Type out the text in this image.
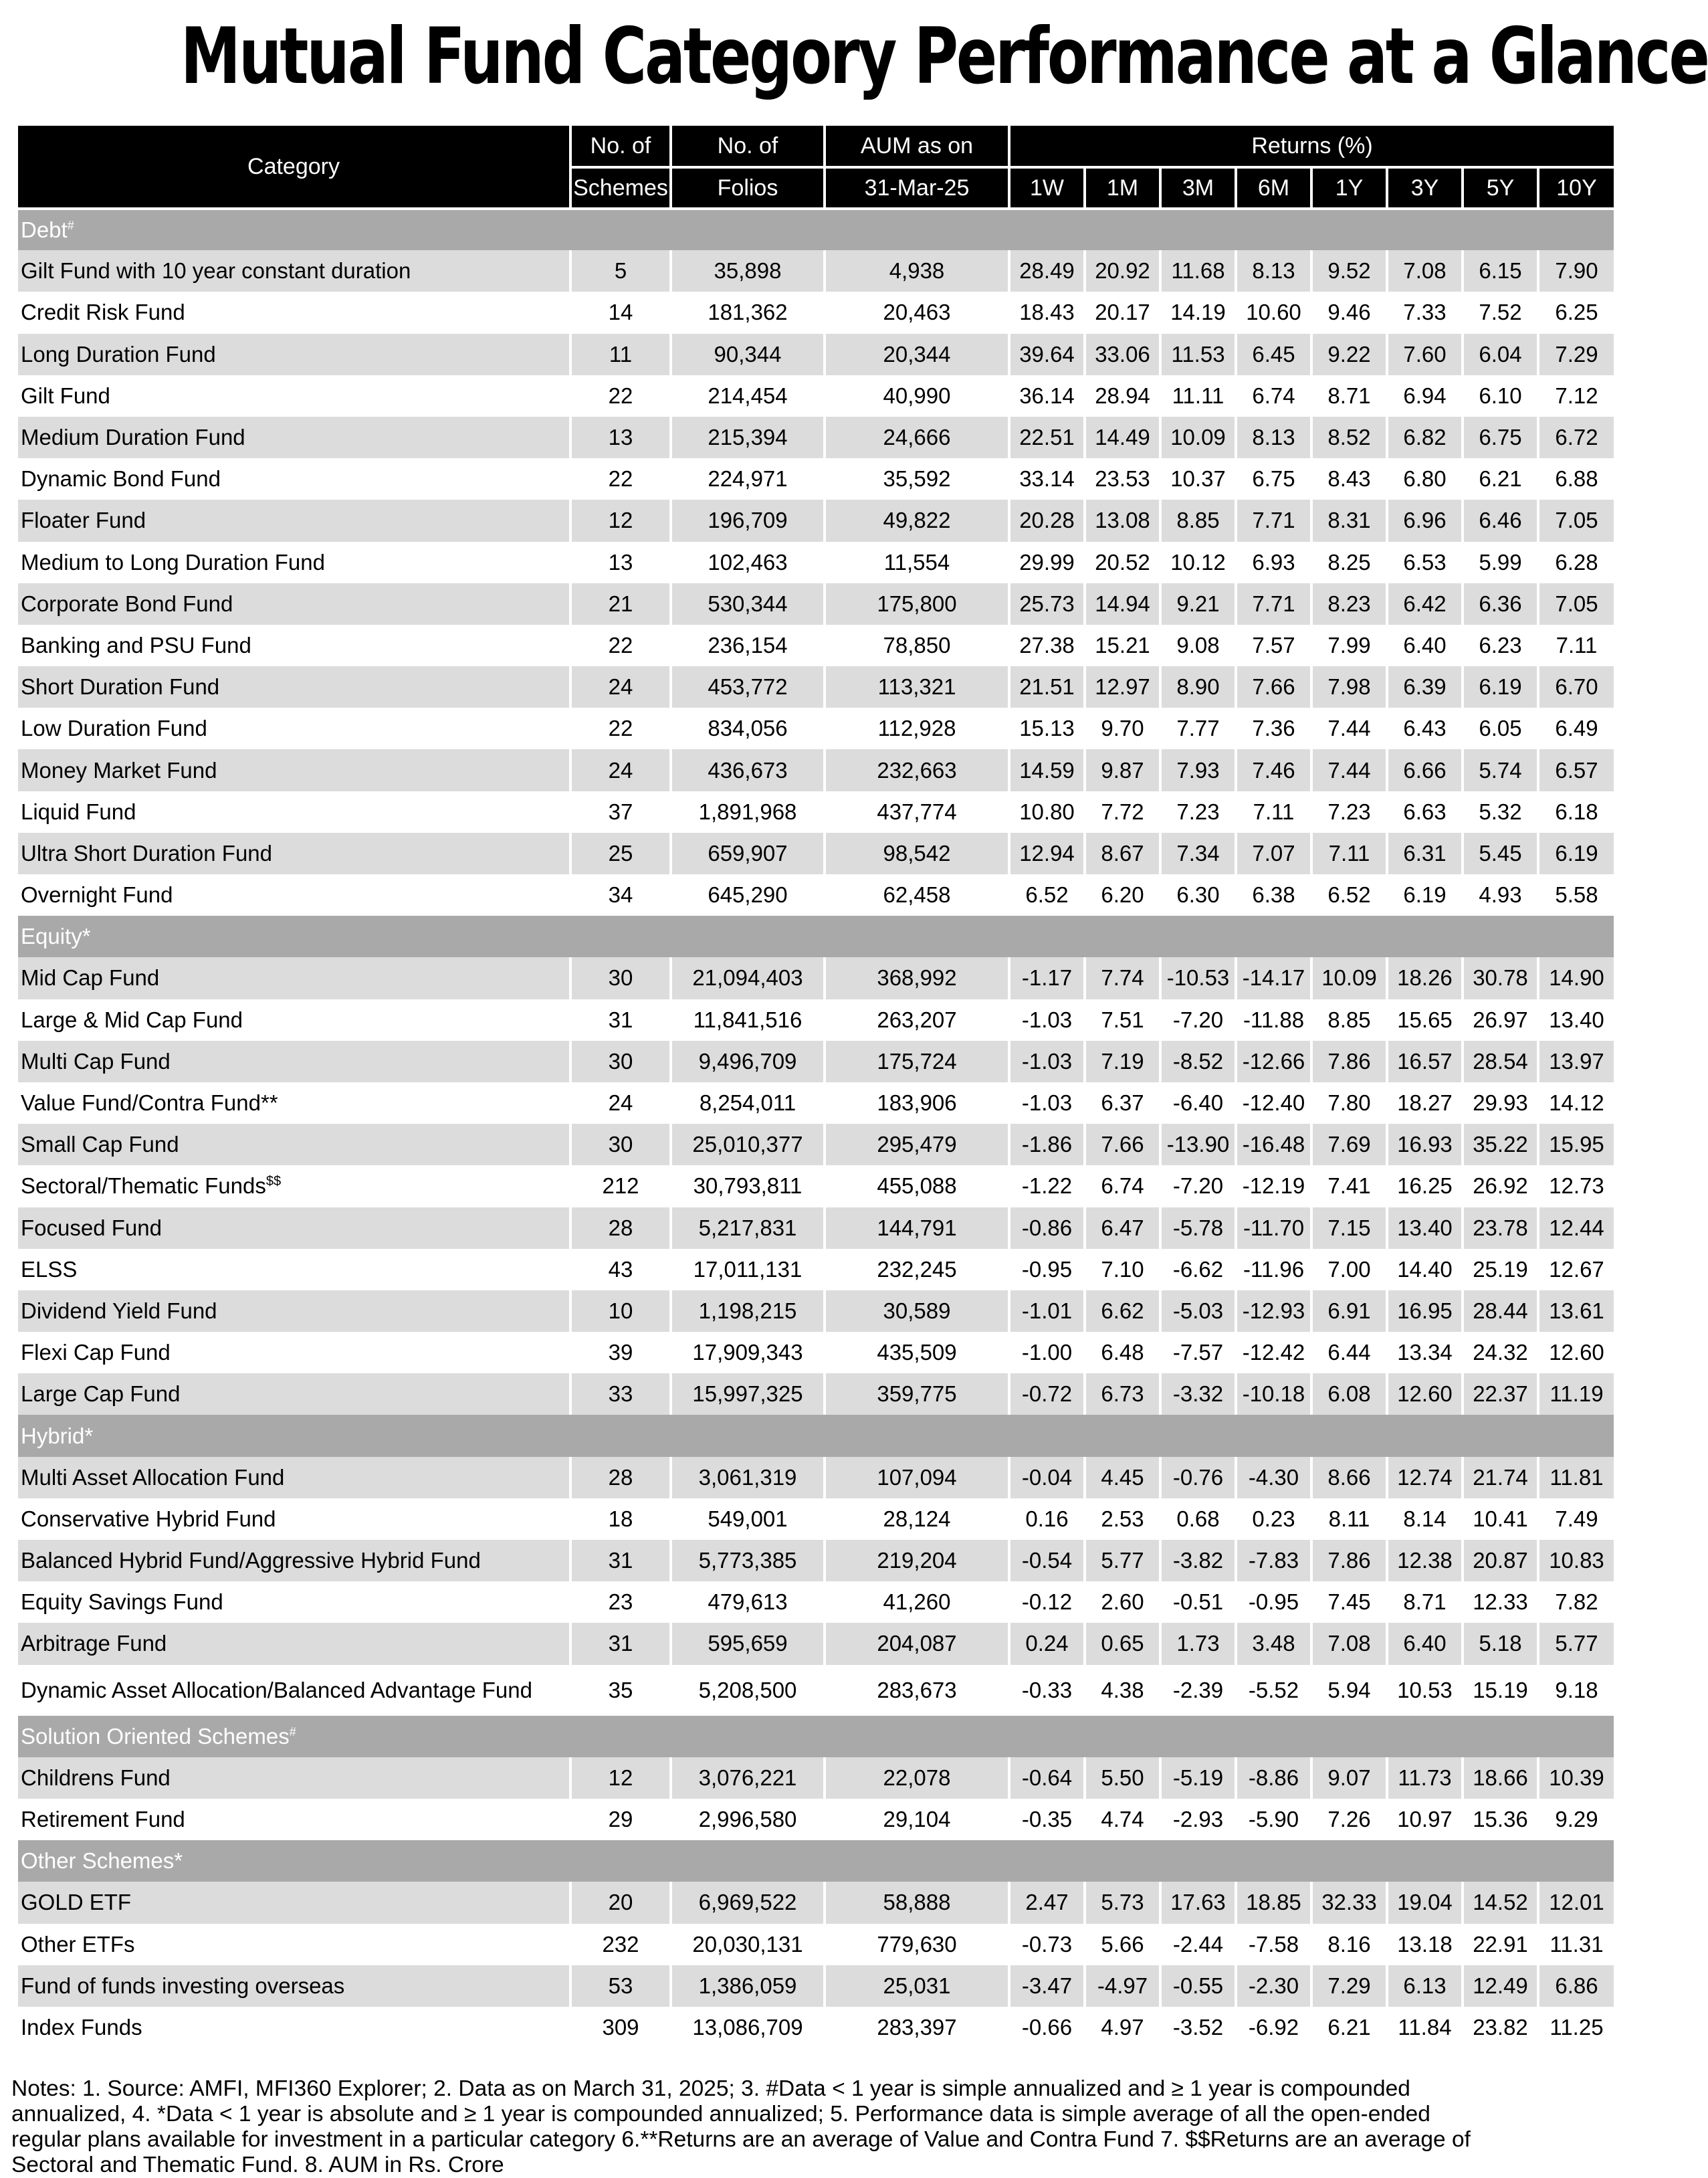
Mutual Fund Category Performance at a Glance
Category	No. of	No. of	AUM as on	Returns (%)							
	Schemes	Folios	31-Mar-25	1W	1M	3M	6M	1Y	3Y	5Y	10Y
Debt#
Gilt Fund with 10 year constant duration	5	35,898	4,938	28.49	20.92	11.68	8.13	9.52	7.08	6.15	7.90
Credit Risk Fund	14	181,362	20,463	18.43	20.17	14.19	10.60	9.46	7.33	7.52	6.25
Long Duration Fund	11	90,344	20,344	39.64	33.06	11.53	6.45	9.22	7.60	6.04	7.29
Gilt Fund	22	214,454	40,990	36.14	28.94	11.11	6.74	8.71	6.94	6.10	7.12
Medium Duration Fund	13	215,394	24,666	22.51	14.49	10.09	8.13	8.52	6.82	6.75	6.72
Dynamic Bond Fund	22	224,971	35,592	33.14	23.53	10.37	6.75	8.43	6.80	6.21	6.88
Floater Fund	12	196,709	49,822	20.28	13.08	8.85	7.71	8.31	6.96	6.46	7.05
Medium to Long Duration Fund	13	102,463	11,554	29.99	20.52	10.12	6.93	8.25	6.53	5.99	6.28
Corporate Bond Fund	21	530,344	175,800	25.73	14.94	9.21	7.71	8.23	6.42	6.36	7.05
Banking and PSU Fund	22	236,154	78,850	27.38	15.21	9.08	7.57	7.99	6.40	6.23	7.11
Short Duration Fund	24	453,772	113,321	21.51	12.97	8.90	7.66	7.98	6.39	6.19	6.70
Low Duration Fund	22	834,056	112,928	15.13	9.70	7.77	7.36	7.44	6.43	6.05	6.49
Money Market Fund	24	436,673	232,663	14.59	9.87	7.93	7.46	7.44	6.66	5.74	6.57
Liquid Fund	37	1,891,968	437,774	10.80	7.72	7.23	7.11	7.23	6.63	5.32	6.18
Ultra Short Duration Fund	25	659,907	98,542	12.94	8.67	7.34	7.07	7.11	6.31	5.45	6.19
Overnight Fund	34	645,290	62,458	6.52	6.20	6.30	6.38	6.52	6.19	4.93	5.58
Equity*											
Mid Cap Fund	30	21,094,403	368,992	-1.17	7.74	-10.53	-14.17	10.09	18.26	30.78	14.90
Large & Mid Cap Fund	31	11,841,516	263,207	-1.03	7.51	-7.20	-11.88	8.85	15.65	26.97	13.40
Multi Cap Fund	30	9,496,709	175,724	-1.03	7.19	-8.52	-12.66	7.86	16.57	28.54	13.97
Value Fund/Contra Fund**	24	8,254,011	183,906	-1.03	6.37	-6.40	-12.40	7.80	18.27	29.93	14.12
Small Cap Fund	30	25,010,377	295,479	-1.86	7.66	-13.90	-16.48	7.69	16.93	35.22	15.95
Sectoral/Thematic Funds$$	212	30,793,811	455,088	-1.22	6.74	-7.20	-12.19	7.41	16.25	26.92	12.73
Focused Fund	28	5,217,831	144,791	-0.86	6.47	-5.78	-11.70	7.15	13.40	23.78	12.44
ELSS	43	17,011,131	232,245	-0.95	7.10	-6.62	-11.96	7.00	14.40	25.19	12.67
Dividend Yield Fund	10	1,198,215	30,589	-1.01	6.62	-5.03	-12.93	6.91	16.95	28.44	13.61
Flexi Cap Fund	39	17,909,343	435,509	-1.00	6.48	-7.57	-12.42	6.44	13.34	24.32	12.60
Large Cap Fund	33	15,997,325	359,775	-0.72	6.73	-3.32	-10.18	6.08	12.60	22.37	11.19
Hybrid*											
Multi Asset Allocation Fund	28	3,061,319	107,094	-0.04	4.45	-0.76	-4.30	8.66	12.74	21.74	11.81
Conservative Hybrid Fund	18	549,001	28,124	0.16	2.53	0.68	0.23	8.11	8.14	10.41	7.49
Balanced Hybrid Fund/Aggressive Hybrid Fund	31	5,773,385	219,204	-0.54	5.77	-3.82	-7.83	7.86	12.38	20.87	10.83
Equity Savings Fund	23	479,613	41,260	-0.12	2.60	-0.51	-0.95	7.45	8.71	12.33	7.82
Arbitrage Fund	31	595,659	204,087	0.24	0.65	1.73	3.48	7.08	6.40	5.18	5.77
Dynamic Asset Allocation/Balanced Advantage Fund	35	5,208,500	283,673	-0.33	4.38	-2.39	-5.52	5.94	10.53	15.19	9.18
Solution Oriented Schemes#
Childrens Fund	12	3,076,221	22,078	-0.64	5.50	-5.19	-8.86	9.07	11.73	18.66	10.39
Retirement Fund	29	2,996,580	29,104	-0.35	4.74	-2.93	-5.90	7.26	10.97	15.36	9.29
Other Schemes*											
GOLD ETF	20	6,969,522	58,888	2.47	5.73	17.63	18.85	32.33	19.04	14.52	12.01
Other ETFs	232	20,030,131	779,630	-0.73	5.66	-2.44	-7.58	8.16	13.18	22.91	11.31
Fund of funds investing overseas	53	1,386,059	25,031	-3.47	-4.97	-0.55	-2.30	7.29	6.13	12.49	6.86
Index Funds	309	13,086,709	283,397	-0.66	4.97	-3.52	-6.92	6.21	11.84	23.82	11.25
Notes: 1. Source: AMFI, MFI360 Explorer; 2. Data as on March 31, 2025; 3. #Data < 1 year is simple annualized and ≥ 1 year is compounded
annualized, 4. *Data < 1 year is absolute and ≥ 1 year is compounded annualized; 5. Performance data is simple average of all the open-ended
regular plans available for investment in a particular category 6.**Returns are an average of Value and Contra Fund 7. $$Returns are an average of
Sectoral and Thematic Fund. 8. AUM in Rs. Crore
